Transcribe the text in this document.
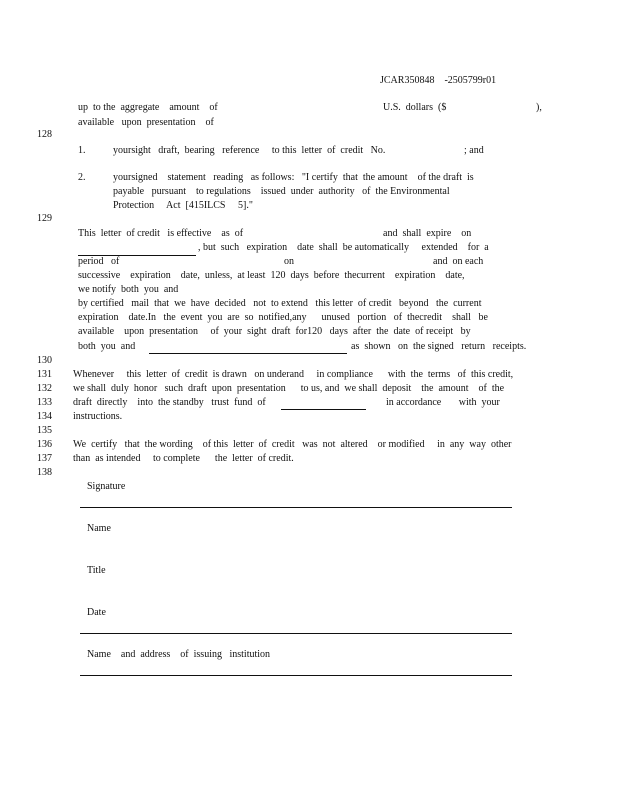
JCAR350848    -2505799r01
up  to the  aggregate    amount    of	U.S.  dollars  ($	),
available   upon  presentation    of
128
129
130
131
132
133
134
135
136
137
138
1.	yoursight   draft,  bearing   reference     to this  letter  of  credit   No.	; and
2.	yoursigned    statement   reading   as follows:   "I certify  that  the amount    of the draft  is
payable   pursuant    to regulations    issued  under  authority   of  the Environmental
Protection     Act  [415ILCS     5]."
This  letter  of credit   is effective    as  of	and  shall  expire    on
, but  such   expiration    date  shall  be automatically     extended    for  a
period   of	on	and  on each
successive    expiration    date,  unless,  at least  120  days  before  thecurrent    expiration    date,
we notify  both  you  and
by certified   mail  that  we  have  decided   not  to extend   this letter  of credit   beyond   the  current
expiration    date.In   the  event  you  are  so  notified,any      unused   portion   of  thecredit    shall   be
available    upon  presentation     of  your  sight  draft  for120   days  after  the  date  of receipt   by
both  you  and	as  shown   on  the signed   return   receipts.
Whenever     this  letter  of  credit  is drawn   on underand     in compliance      with  the  terms   of  this credit,
we shall  duly  honor   such  draft  upon  presentation      to us, and  we shall  deposit    the  amount    of  the
draft  directly    into  the standby   trust  fund  of	in accordance       with  your
instructions.
We  certify   that  the wording    of this  letter  of  credit   was  not  altered    or modified     in  any  way  other
than  as intended     to complete      the  letter  of credit.
Signature
Name
Title
Date
Name    and  address    of  issuing   institution
